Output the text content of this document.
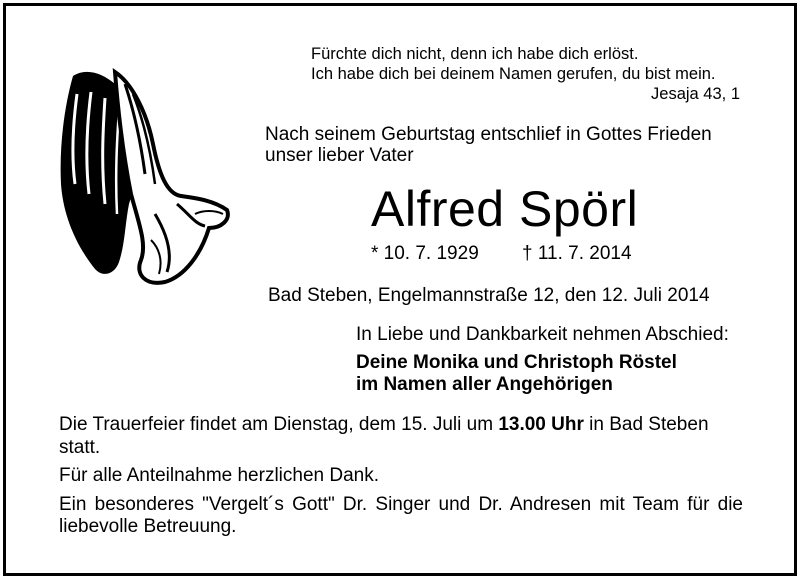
Fürchte dich nicht, denn ich habe dich erlöst.
Ich habe dich bei deinem Namen gerufen, du bist mein.
Jesaja 43, 1
Nach seinem Geburtstag entschlief in Gottes Frieden
unser lieber Vater
Alfred Spörl
* 10. 7. 1929 † 11. 7. 2014
Bad Steben, Engelmannstraße 12, den 12. Juli 2014
In Liebe und Dankbarkeit nehmen Abschied:
Deine Monika und Christoph Röstel
im Namen aller Angehörigen

Die Trauerfeier findet am Dienstag, dem 15. Juli um 13.00 Uhr in Bad Steben statt.

Für alle Anteilnahme herzlichen Dank.

Ein besonderes "Vergelt´s Gott" Dr. Singer und Dr. Andresen mit Team für die liebevolle Betreuung.
